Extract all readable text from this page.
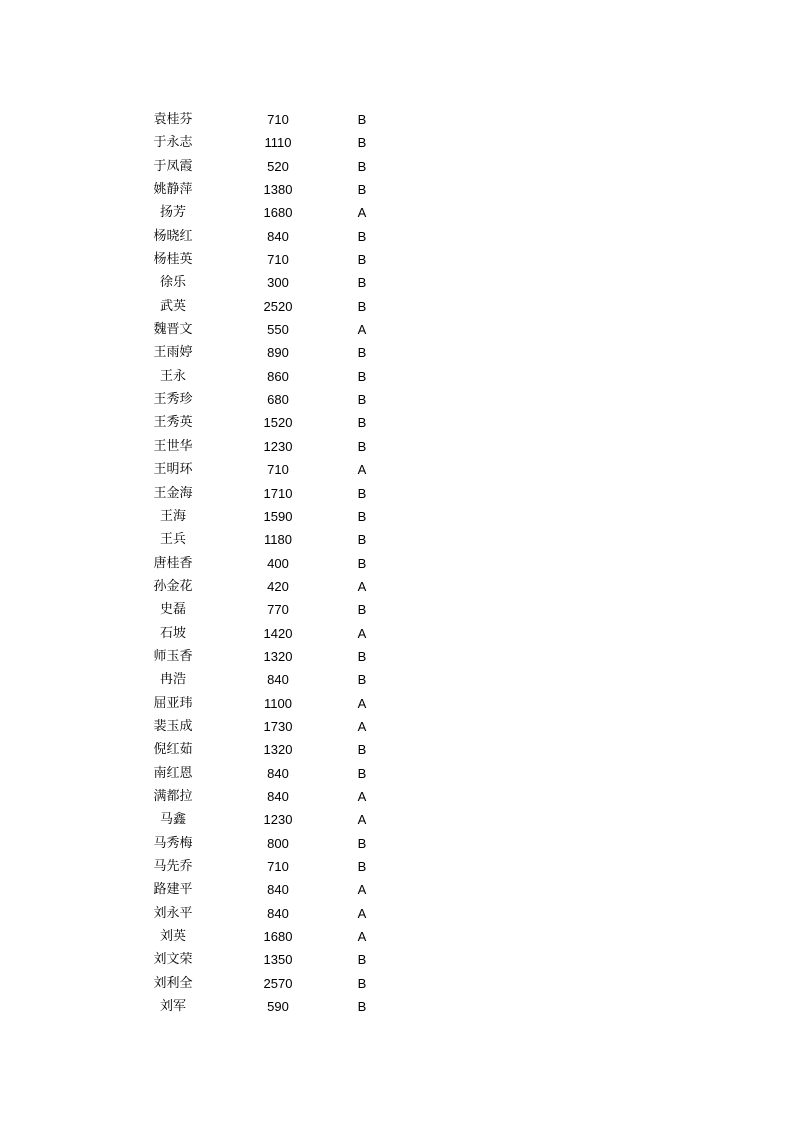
袁桂芬	710	B
于永志	1110	B
于凤霞	520	B
姚静萍	1380	B
扬芳	1680	A
杨晓红	840	B
杨桂英	710	B
徐乐	300	B
武英	2520	B
魏晋文	550	A
王雨婷	890	B
王永	860	B
王秀珍	680	B
王秀英	1520	B
王世华	1230	B
王明环	710	A
王金海	1710	B
王海	1590	B
王兵	1180	B
唐桂香	400	B
孙金花	420	A
史磊	770	B
石坡	1420	A
师玉香	1320	B
冉浩	840	B
屈亚玮	1100	A
裴玉成	1730	A
倪红茹	1320	B
南红恩	840	B
满都拉	840	A
马鑫	1230	A
马秀梅	800	B
马先乔	710	B
路建平	840	A
刘永平	840	A
刘英	1680	A
刘文荣	1350	B
刘利全	2570	B
刘军	590	B
